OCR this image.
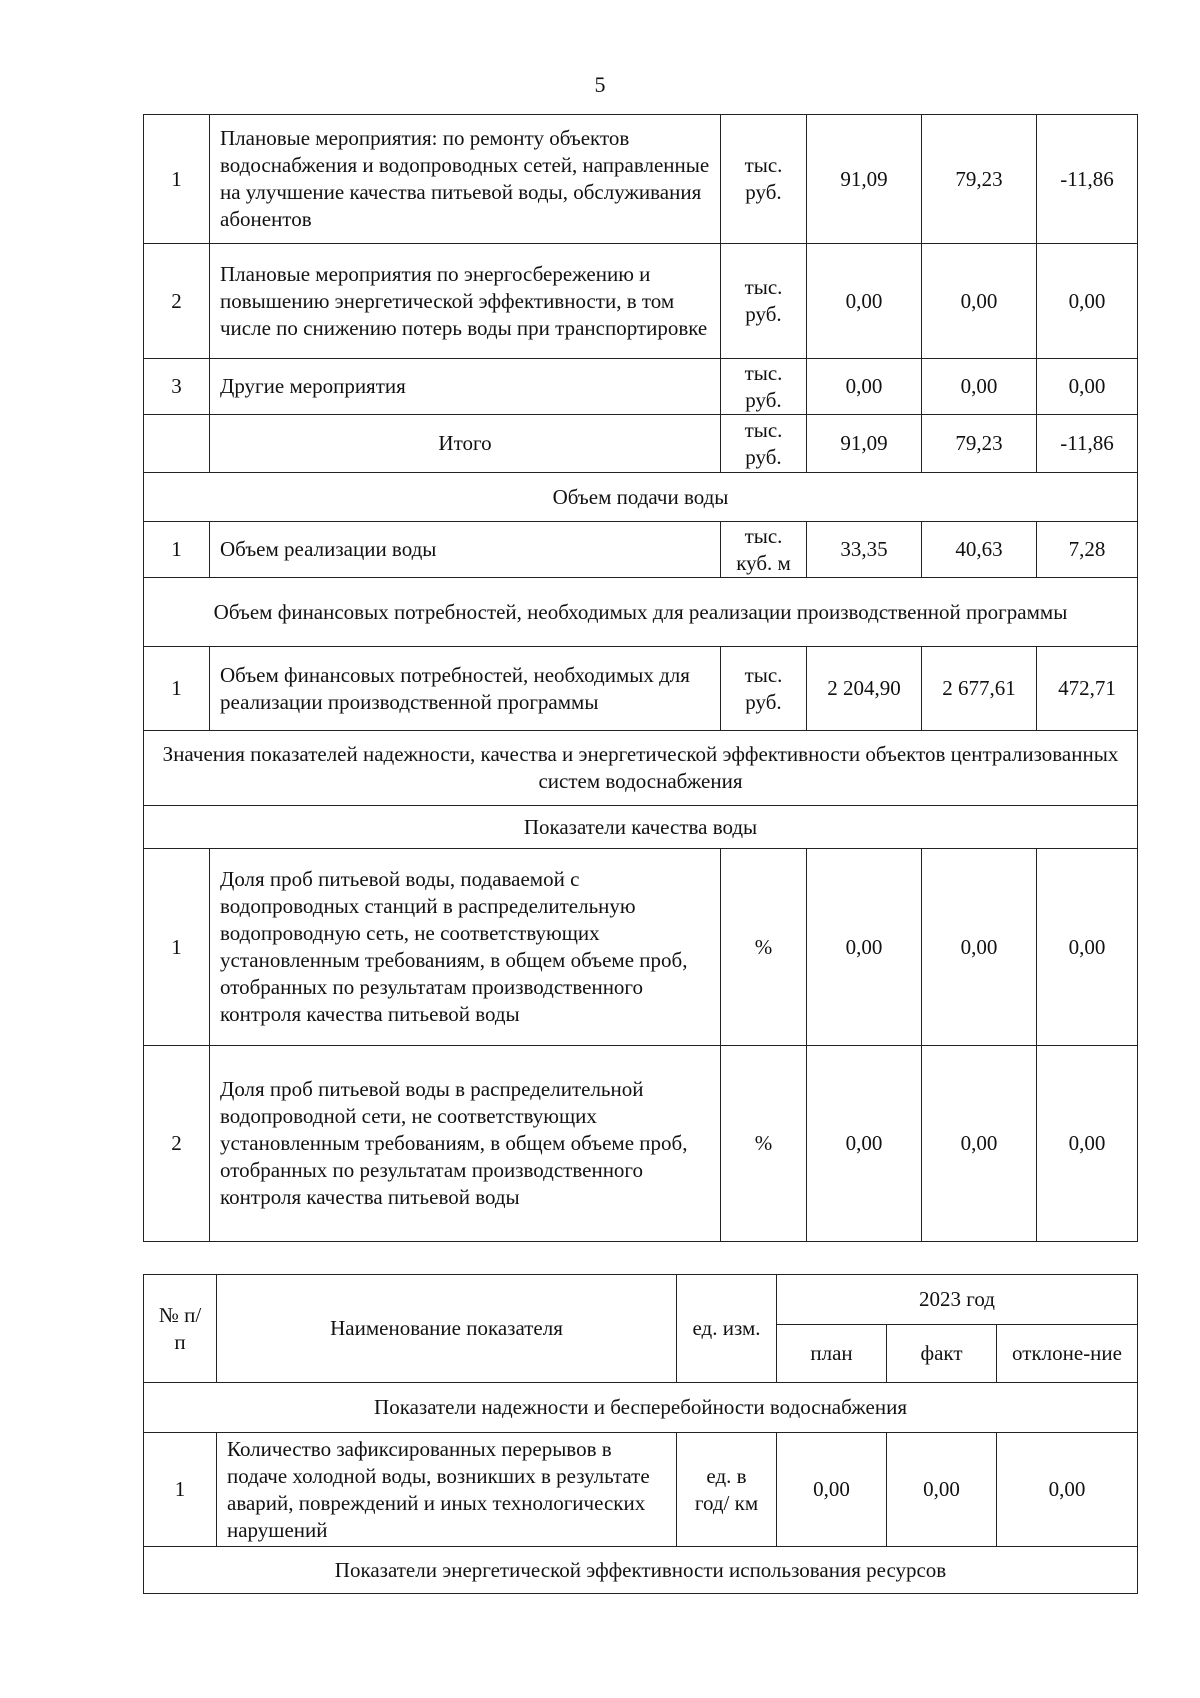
5
1	Плановые мероприятия: по ремонту объектов водоснабжения и водопроводных сетей, направленные на улучшение качества питьевой воды, обслуживания абонентов	тыс. руб.	91,09	79,23	-11,86
2	Плановые мероприятия по энергосбережению и повышению энергетической эффективности, в том числе по снижению потерь воды при транспортировке	тыс. руб.	0,00	0,00	0,00
3	Другие мероприятия	тыс. руб.	0,00	0,00	0,00
	Итого	тыс. руб.	91,09	79,23	-11,86
Объем подачи воды					
1	Объем реализации воды	тыс. куб. м	33,35	40,63	7,28
Объем финансовых потребностей, необходимых для реализации производственной программы					
1	Объем финансовых потребностей, необходимых для реализации производственной программы	тыс. руб.	2 204,90	2 677,61	472,71
Значения показателей надежности, качества и энергетической эффективности объектов централизованных систем водоснабжения					
Показатели качества воды					
1	Доля проб питьевой воды, подаваемой с водопроводных станций в распределительную водопроводную сеть, не соответствующих установленным требованиям, в общем объеме проб, отобранных по результатам производственного контроля качества питьевой воды	%	0,00	0,00	0,00
2	Доля проб питьевой воды в распределительной водопроводной сети, не соответствующих установленным требованиям, в общем объеме проб, отобранных по результатам производственного контроля качества питьевой воды	%	0,00	0,00	0,00
№ п/п	Наименование показателя	ед. изм.	2023 год		
			план	факт	отклоне-ние
Показатели надежности и бесперебойности водоснабжения					
1	Количество зафиксированных перерывов в подаче холодной воды, возникших в результате аварий, повреждений и иных технологических нарушений	ед. в год/ км	0,00	0,00	0,00
Показатели энергетической эффективности использования ресурсов					
